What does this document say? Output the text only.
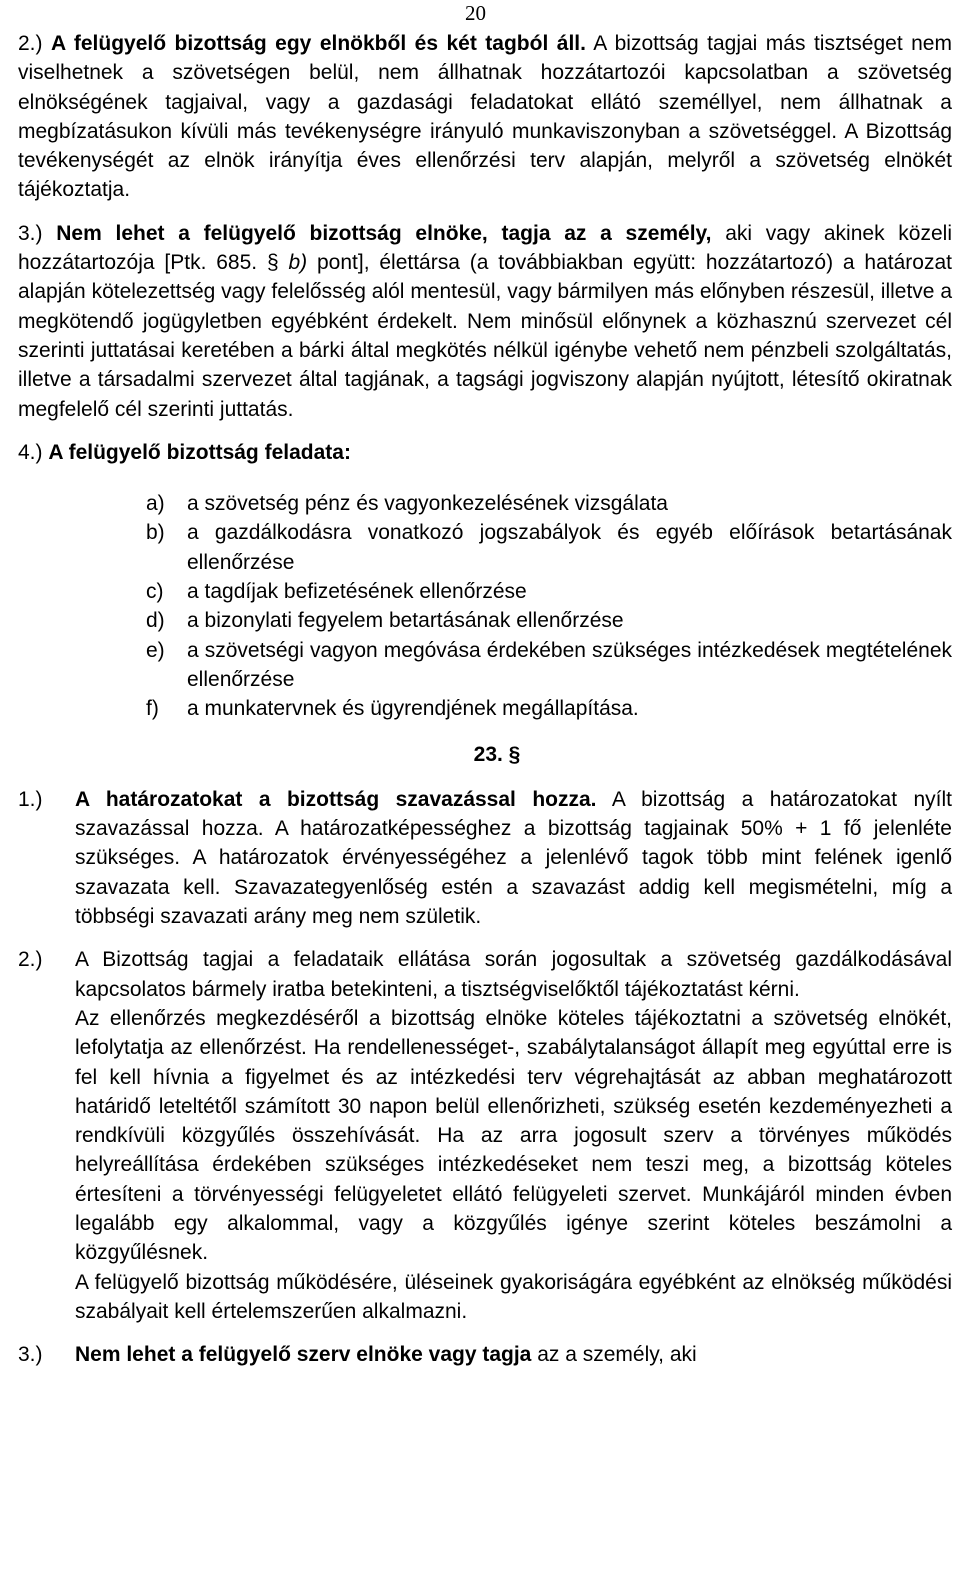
20

2.) A felügyelő bizottság egy elnökből és két tagból áll. A bizottság tagjai más tisztséget nem viselhetnek a szövetségen belül, nem állhatnak hozzátartozói kapcsolatban a szövetség elnökségének tagjaival, vagy a gazdasági feladatokat ellátó személlyel, nem állhatnak a megbízatásukon kívüli más tevékenységre irányuló munkaviszonyban a szövetséggel. A Bizottság tevékenységét az elnök irányítja éves ellenőrzési terv alapján, melyről a szövetség elnökét tájékoztatja.

3.) Nem lehet a felügyelő bizottság elnöke, tagja az a személy, aki vagy akinek közeli hozzátartozója [Ptk. 685. § b) pont], élettársa (a továbbiakban együtt: hozzátartozó) a határozat alapján kötelezettség vagy felelősség alól mentesül, vagy bármilyen más előnyben részesül, illetve a megkötendő jogügyletben egyébként érdekelt. Nem minősül előnynek a közhasznú szervezet cél szerinti juttatásai keretében a bárki által megkötés nélkül igénybe vehető nem pénzbeli szolgáltatás, illetve a társadalmi szervezet által tagjának, a tagsági jogviszony alapján nyújtott, létesítő okiratnak megfelelő cél szerinti juttatás.

4.) A felügyelő bizottság feladata:

a)	a szövetség pénz és vagyonkezelésének vizsgálata
b)	a gazdálkodásra vonatkozó jogszabályok és egyéb előírások betartásának ellenőrzése
c)	a tagdíjak befizetésének ellenőrzése
d)	a bizonylati fegyelem betartásának ellenőrzése
e)	a szövetségi vagyon megóvása érdekében szükséges intézkedések megtételének ellenőrzése
f)	a munkatervnek és ügyrendjének megállapítása.

23. §

1.)	A határozatokat a bizottság szavazással hozza. A bizottság a határozatokat nyílt szavazással hozza. A határozatképességhez a bizottság tagjainak 50% + 1 fő jelenléte szükséges. A határozatok érvényességéhez a jelenlévő tagok több mint felének igenlő szavazata kell. Szavazategyenlőség estén a szavazást addig kell megismételni, míg a többségi szavazati arány meg nem születik.

2.)	A Bizottság tagjai a feladataik ellátása során jogosultak a szövetség gazdálkodásával kapcsolatos bármely iratba betekinteni, a tisztségviselőktől tájékoztatást kérni.

Az ellenőrzés megkezdéséről a bizottság elnöke köteles tájékoztatni a szövetség elnökét, lefolytatja az ellenőrzést. Ha rendellenességet-, szabálytalanságot állapít meg egyúttal erre is fel kell hívnia a figyelmet és az intézkedési terv végrehajtását az abban meghatározott határidő leteltétől számított 30 napon belül ellenőrizheti, szükség esetén kezdeményezheti a rendkívüli közgyűlés összehívását. Ha az arra jogosult szerv a törvényes működés helyreállítása érdekében szükséges intézkedéseket nem teszi meg, a bizottság köteles értesíteni a törvényességi felügyeletet ellátó felügyeleti szervet. Munkájáról minden évben legalább egy alkalommal, vagy a közgyűlés igénye szerint köteles beszámolni a közgyűlésnek.

A felügyelő bizottság működésére, üléseinek gyakoriságára egyébként az elnökség működési szabályait kell értelemszerűen alkalmazni.

3.)	Nem lehet a felügyelő szerv elnöke vagy tagja az a személy, aki
